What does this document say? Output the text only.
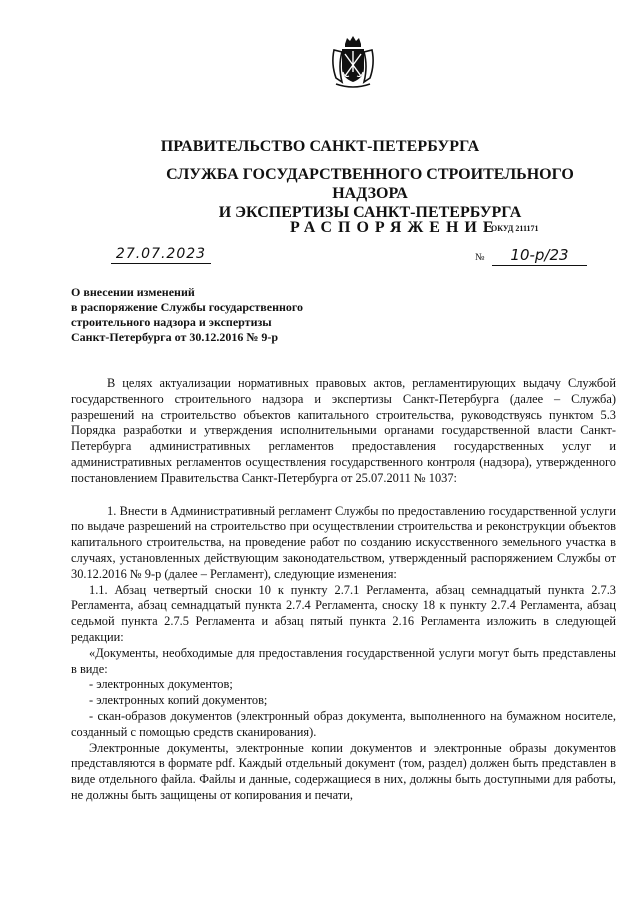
ПРАВИТЕЛЬСТВО САНКТ-ПЕТЕРБУРГА
СЛУЖБА ГОСУДАРСТВЕННОГО СТРОИТЕЛЬНОГО НАДЗОРА
И ЭКСПЕРТИЗЫ САНКТ-ПЕТЕРБУРГА
РАСПОРЯЖЕНИЕ
ОКУД 211171
27.07.2023	№	10-р/23
О внесении изменений
в распоряжение Службы государственного
строительного надзора и экспертизы
Санкт-Петербурга от 30.12.2016 № 9-р

В целях актуализации нормативных правовых актов, регламентирующих выдачу Службой государственного строительного надзора и экспертизы Санкт-Петербурга (далее – Служба) разрешений на строительство объектов капитального строительства, руководствуясь пунктом 5.3 Порядка разработки и утверждения исполнительными органами государственной власти Санкт-Петербурга административных регламентов предоставления государственных услуг и административных регламентов осуществления государственного контроля (надзора), утвержденного постановлением Правительства Санкт-Петербурга от 25.07.2011 № 1037:

1. Внести в Административный регламент Службы по предоставлению государственной услуги по выдаче разрешений на строительство при осуществлении строительства и реконструкции объектов капитального строительства, на проведение работ по созданию искусственного земельного участка в случаях, установленных действующим законодательством, утвержденный распоряжением Службы от 30.12.2016 № 9-р (далее – Регламент), следующие изменения:

1.1. Абзац четвертый сноски 10 к пункту 2.7.1 Регламента, абзац семнадцатый пункта 2.7.3 Регламента, абзац семнадцатый пункта 2.7.4 Регламента, сноску 18 к пункту 2.7.4 Регламента, абзац седьмой пункта 2.7.5 Регламента и абзац пятый пункта 2.16 Регламента изложить в следующей редакции:

«Документы, необходимые для предоставления государственной услуги могут быть представлены в виде:

- электронных документов;

- электронных копий документов;

- скан-образов документов (электронный образ документа, выполненного на бумажном носителе, созданный с помощью средств сканирования).

Электронные документы, электронные копии документов и электронные образы документов представляются в формате pdf. Каждый отдельный документ (том, раздел) должен быть представлен в виде отдельного файла. Файлы и данные, содержащиеся в них, должны быть доступными для работы, не должны быть защищены от копирования и печати,
